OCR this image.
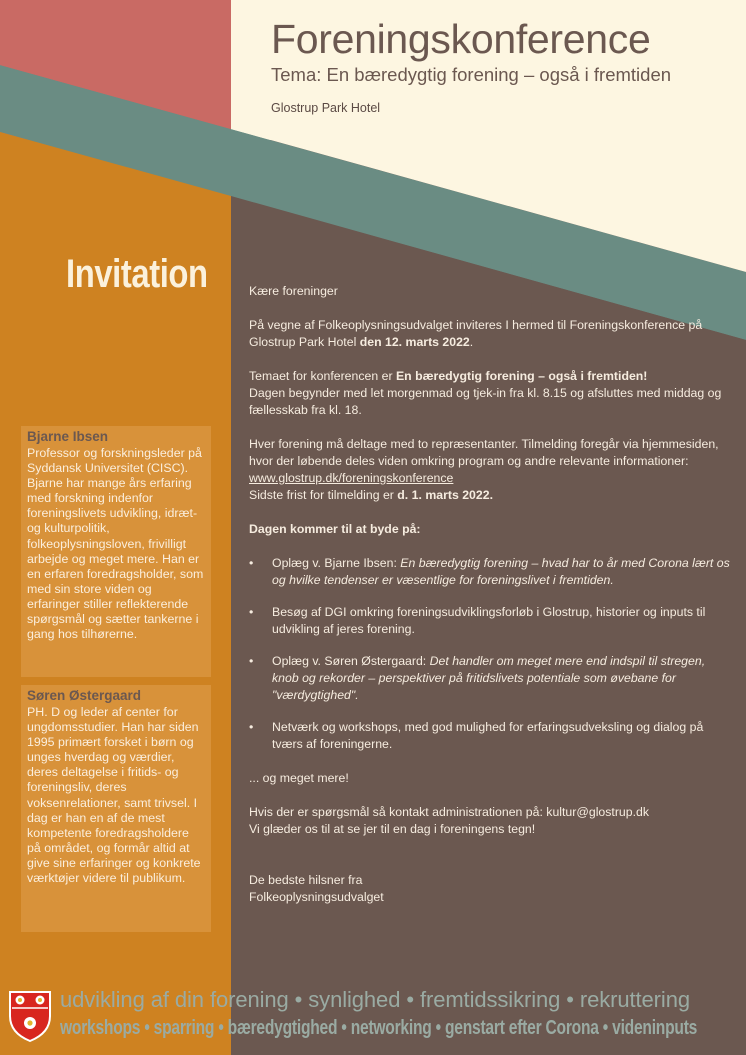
Foreningskonference
Tema: En bæredygtig forening – også i fremtiden
Glostrup Park Hotel
Invitation	Kære foreninger

På vegne af Folkeoplysningsudvalget inviteres I hermed til Foreningskonference på Glostrup Park Hotel den 12. marts 2022.

Temaet for konferencen er En bæredygtig forening – også i fremtiden!
Dagen begynder med let morgenmad og tjek-in fra kl. 8.15 og afsluttes med middag og fællesskab fra kl. 18.

Hver forening må deltage med to repræsentanter. Tilmelding foregår via hjemmesiden, hvor der løbende deles viden omkring program og andre relevante informationer: www.glostrup.dk/foreningskonference
Sidste frist for tilmelding er d. 1. marts 2022.

Dagen kommer til at byde på:

• Oplæg v. Bjarne Ibsen: En bæredygtig forening – hvad har to år med Corona lært os og hvilke tendenser er væsentlige for foreningslivet i fremtiden.
• Besøg af DGI omkring foreningsudviklingsforløb i Glostrup, historier og inputs til udvikling af jeres forening.
• Oplæg v. Søren Østergaard: Det handler om meget mere end indspil til stregen, knob og rekorder – perspektiver på fritidslivets potentiale som øvebane for "værdygtighed".
• Netværk og workshops, med god mulighed for erfaringsudveksling og dialog på tværs af foreningerne.

... og meget mere!

Hvis der er spørgsmål så kontakt administrationen på: kultur@glostrup.dk
Vi glæder os til at se jer til en dag i foreningens tegn!

De bedste hilsner fra
Folkeoplysningsudvalget

Bjarne Ibsen
Professor og forskningsleder på Syddansk Universitet (CISC). Bjarne har mange års erfaring med forskning indenfor foreningslivets udvikling, idræt- og kulturpolitik, folkeoplysningsloven, frivilligt arbejde og meget mere. Han er en erfaren foredragsholder, som med sin store viden og erfaringer stiller reflekterende spørgsmål og sætter tankerne i gang hos tilhørerne.
Søren Østergaard
PH. D og leder af center for ungdomsstudier. Han har siden 1995 primært forsket i børn og unges hverdag og værdier, deres deltagelse i fritids- og foreningsliv, deres voksenrelationer, samt trivsel. I dag er han en af de mest kompetente foredragsholdere på området, og formår altid at give sine erfaringer og konkrete værktøjer videre til publikum.
udvikling af din forening • synlighed • fremtidssikring • rekruttering
workshops • sparring • bæredygtighed • networking • genstart efter Corona • videninputs
